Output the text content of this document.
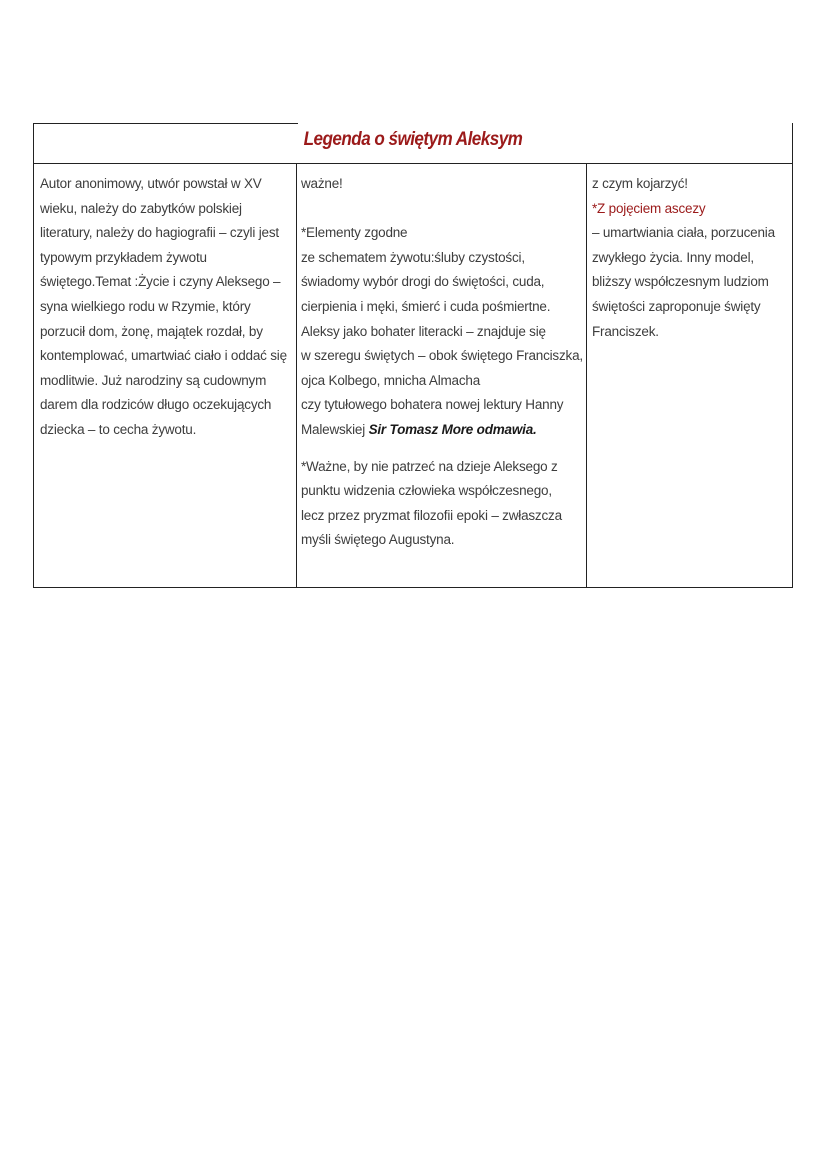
Legenda o świętym Aleksym
Autor anonimowy, utwór powstał w XV
wieku, należy do zabytków polskiej
literatury, należy do hagiografii – czyli jest
typowym przykładem żywotu
świętego.Temat :Życie i czyny Aleksego –
syna wielkiego rodu w Rzymie, który
porzucił dom, żonę, majątek rozdał, by
kontemplować, umartwiać ciało i oddać się
modlitwie. Już narodziny są cudownym
darem dla rodziców długo oczekujących
dziecka – to cecha żywotu.
ważne!
*Elementy zgodne
ze schematem żywotu:śluby czystości,
świadomy wybór drogi do świętości, cuda,
cierpienia i męki, śmierć i cuda pośmiertne.
Aleksy jako bohater literacki – znajduje się
w szeregu świętych – obok świętego Franciszka,
ojca Kolbego, mnicha Almacha
czy tytułowego bohatera nowej lektury Hanny
Malewskiej Sir Tomasz More odmawia.
*Ważne, by nie patrzeć na dzieje Aleksego z
punktu widzenia człowieka współczesnego,
lecz przez pryzmat filozofii epoki – zwłaszcza
myśli świętego Augustyna.
z czym kojarzyć!
*Z pojęciem ascezy
– umartwiania ciała, porzucenia
zwykłego życia. Inny model,
bliższy współczesnym ludziom
świętości zaproponuje święty
Franciszek.
